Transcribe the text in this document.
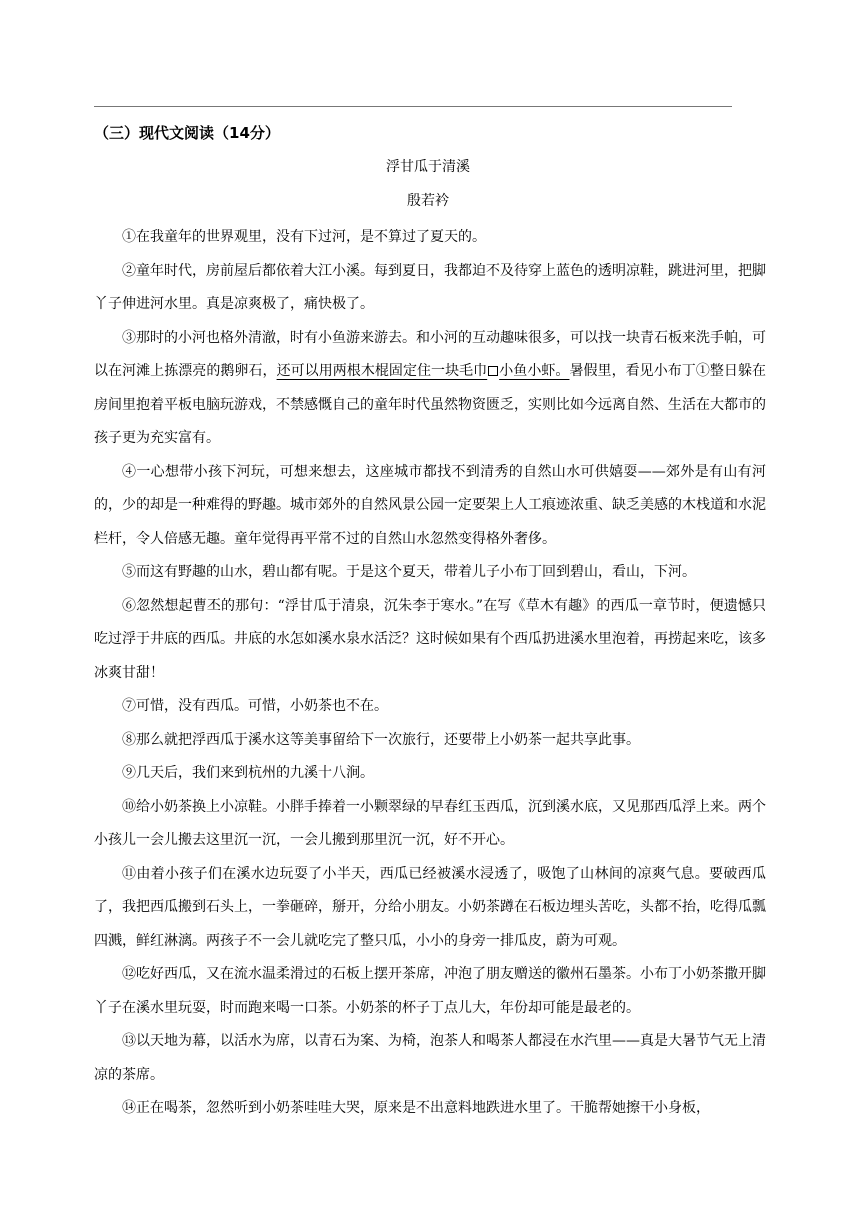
（三）现代文阅读（14分）
浮甘瓜于清溪
殷若衿

①在我童年的世界观里，没有下过河，是不算过了夏天的。

②童年时代，房前屋后都依着大江小溪。每到夏日，我都迫不及待穿上蓝色的透明凉鞋，跳进河里，把脚丫子伸进河水里。真是凉爽极了，痛快极了。

③那时的小河也格外清澈，时有小鱼游来游去。和小河的互动趣味很多，可以找一块青石板来洗手帕，可以在河滩上拣漂亮的鹅卵石，还可以用两根木棍固定住一块毛巾 小鱼小虾。暑假里，看见小布丁①整日躲在房间里抱着平板电脑玩游戏，不禁感慨自己的童年时代虽然物资匮乏，实则比如今远离自然、生活在大都市的孩子更为充实富有。

④一心想带小孩下河玩，可想来想去，这座城市都找不到清秀的自然山水可供嬉耍——郊外是有山有河的，少的却是一种难得的野趣。城市郊外的自然风景公园一定要架上人工痕迹浓重、缺乏美感的木栈道和水泥栏杆，令人倍感无趣。童年觉得再平常不过的自然山水忽然变得格外奢侈。

⑤而这有野趣的山水，碧山都有呢。于是这个夏天，带着儿子小布丁回到碧山，看山，下河。

⑥忽然想起曹丕的那句：“浮甘瓜于清泉，沉朱李于寒水。”在写《草木有趣》的西瓜一章节时，便遗憾只吃过浮于井底的西瓜。井底的水怎如溪水泉水活泛？这时候如果有个西瓜扔进溪水里泡着，再捞起来吃，该多冰爽甘甜！

⑦可惜，没有西瓜。可惜，小奶茶也不在。

⑧那么就把浮西瓜于溪水这等美事留给下一次旅行，还要带上小奶茶一起共享此事。

⑨几天后，我们来到杭州的九溪十八涧。

⑩给小奶茶换上小凉鞋。小胖手捧着一小颗翠绿的早春红玉西瓜，沉到溪水底，又见那西瓜浮上来。两个小孩儿一会儿搬去这里沉一沉，一会儿搬到那里沉一沉，好不开心。

⑪由着小孩子们在溪水边玩耍了小半天，西瓜已经被溪水浸透了，吸饱了山林间的凉爽气息。要破西瓜了，我把西瓜搬到石头上，一拳砸碎，掰开，分给小朋友。小奶茶蹲在石板边埋头苦吃，头都不抬，吃得瓜瓢四溅，鲜红淋漓。两孩子不一会儿就吃完了整只瓜，小小的身旁一排瓜皮，蔚为可观。

⑫吃好西瓜，又在流水温柔滑过的石板上摆开茶席，冲泡了朋友赠送的徽州石墨茶。小布丁小奶茶撒开脚丫子在溪水里玩耍，时而跑来喝一口茶。小奶茶的杯子丁点儿大，年份却可能是最老的。

⑬以天地为幕，以活水为席，以青石为案、为椅，泡茶人和喝茶人都浸在水汽里——真是大暑节气无上清凉的茶席。

⑭正在喝茶，忽然听到小奶茶哇哇大哭，原来是不出意料地跌进水里了。干脆帮她擦干小身板，
